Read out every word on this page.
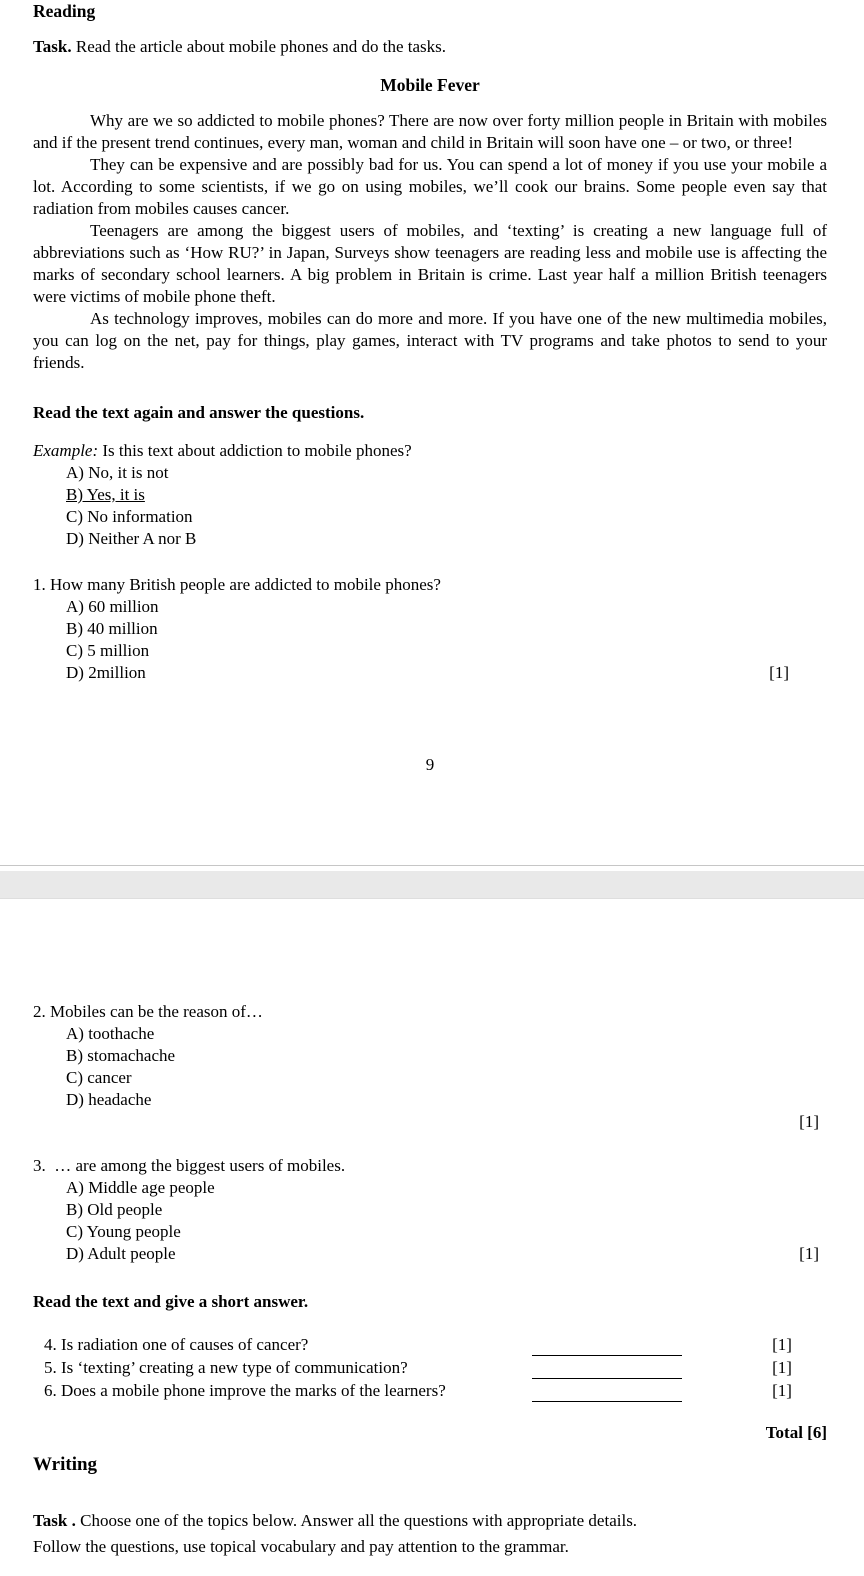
Reading
Task. Read the article about mobile phones and do the tasks.
Mobile Fever

Why are we so addicted to mobile phones? There are now over forty million people in Britain with mobiles and if the present trend continues, every man, woman and child in Britain will soon have one – or two, or three!

They can be expensive and are possibly bad for us. You can spend a lot of money if you use your mobile a lot. According to some scientists, if we go on using mobiles, we’ll cook our brains. Some people even say that radiation from mobiles causes cancer.

Teenagers are among the biggest users of mobiles, and ‘texting’ is creating a new language full of abbreviations such as ‘How RU?’ in Japan, Surveys show teenagers are reading less and mobile use is affecting the marks of secondary school learners. A big problem in Britain is crime. Last year half a million British teenagers were victims of mobile phone theft.

As technology improves, mobiles can do more and more. If you have one of the new multimedia mobiles, you can log on the net, pay for things, play games, interact with TV programs and take photos to send to your friends.

Read the text again and answer the questions.
Example: Is this text about addiction to mobile phones?
A) No, it is not
B) Yes, it is
C) No information
D) Neither A nor B
1. How many British people are addicted to mobile phones?
A) 60 million
B) 40 million
C) 5 million
D) 2million	[1]
9
2. Mobiles can be the reason of…
A) toothache
B) stomachache
C) cancer
D) headache
[1]
3.  … are among the biggest users of mobiles.
A) Middle age people
B) Old people
C) Young people
D) Adult people	[1]
Read the text and give a short answer.
4. Is radiation one of causes of cancer?	[1]
5. Is ‘texting’ creating a new type of communication?	[1]
6. Does a mobile phone improve the marks of the learners?	[1]
Total [6]
Writing
Task . Choose one of the topics below. Answer all the questions with appropriate details.
Follow the questions, use topical vocabulary and pay attention to the grammar.
